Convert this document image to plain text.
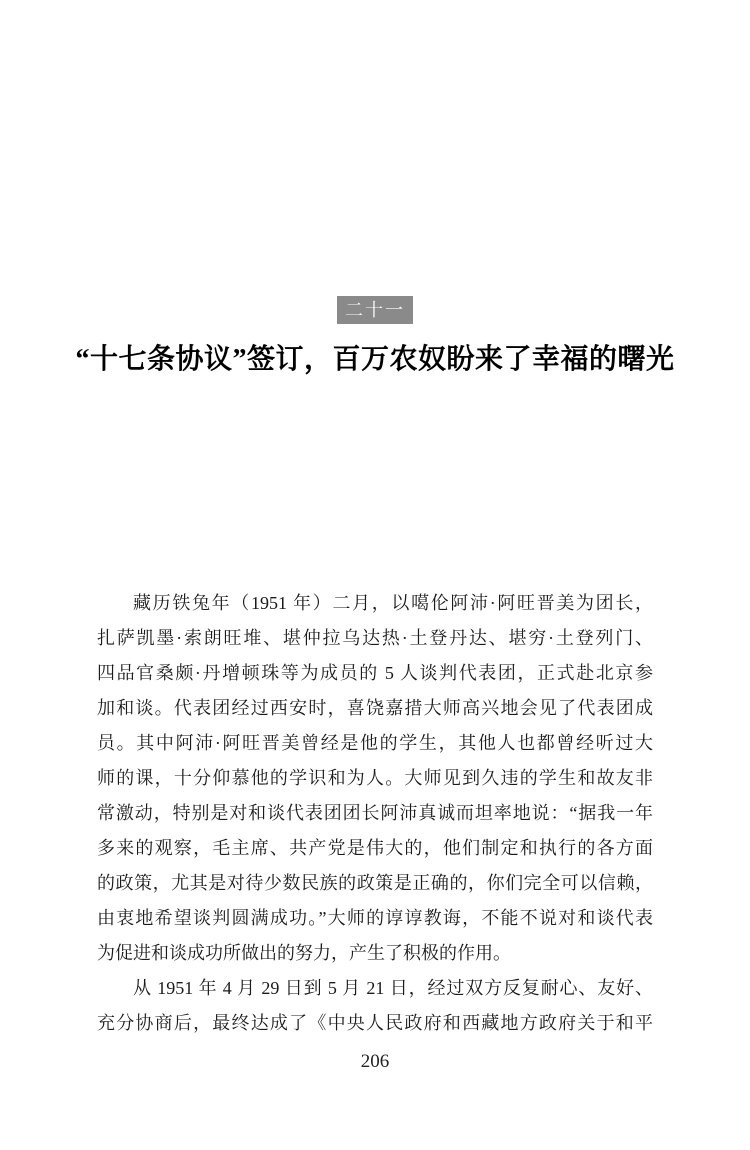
二十一
“十七条协议”签订，百万农奴盼来了幸福的曙光
藏历铁兔年（1951 年）二月，以噶伦阿沛·阿旺晋美为团长，
扎萨凯墨·索朗旺堆、堪仲拉乌达热·土登丹达、堪穷·土登列门、
四品官桑颇·丹增顿珠等为成员的 5 人谈判代表团，正式赴北京参
加和谈。代表团经过西安时，喜饶嘉措大师高兴地会见了代表团成
员。其中阿沛·阿旺晋美曾经是他的学生，其他人也都曾经听过大
师的课，十分仰慕他的学识和为人。大师见到久违的学生和故友非
常激动，特别是对和谈代表团团长阿沛真诚而坦率地说：“据我一年
多来的观察，毛主席、共产党是伟大的，他们制定和执行的各方面
的政策，尤其是对待少数民族的政策是正确的，你们完全可以信赖，
由衷地希望谈判圆满成功。”大师的谆谆教诲，不能不说对和谈代表
为促进和谈成功所做出的努力，产生了积极的作用。
从 1951 年 4 月 29 日到 5 月 21 日，经过双方反复耐心、友好、
充分协商后，最终达成了《中央人民政府和西藏地方政府关于和平
206
